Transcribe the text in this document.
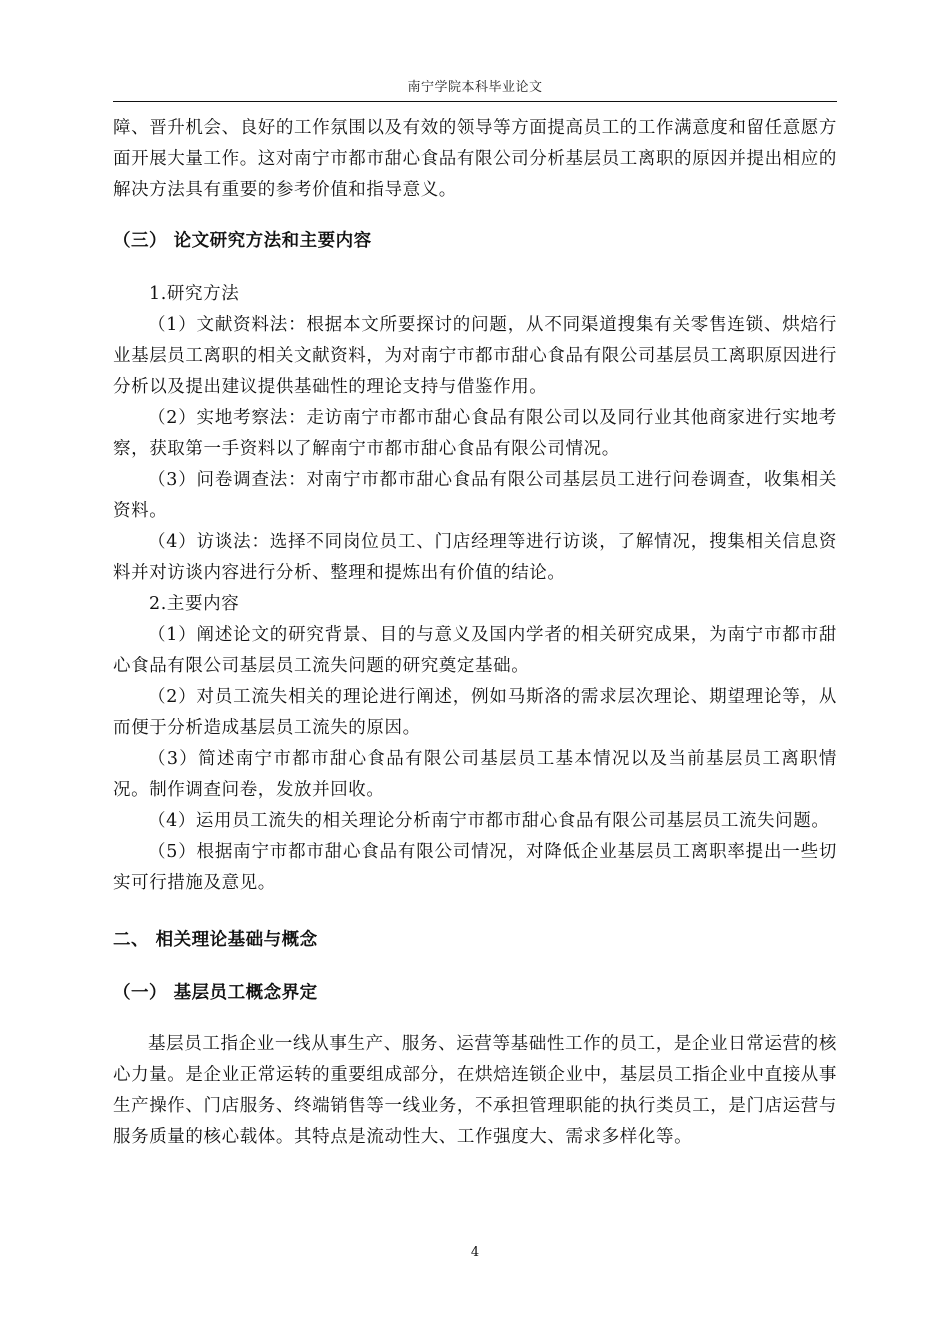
南宁学院本科毕业论文

障、晋升机会、良好的工作氛围以及有效的领导等方面提高员工的工作满意度和留任意愿方面开展大量工作。这对南宁市都市甜心食品有限公司分析基层员工离职的原因并提出相应的解决方法具有重要的参考价值和指导意义。

（三） 论文研究方法和主要内容

1.研究方法

（1）文献资料法：根据本文所要探讨的问题，从不同渠道搜集有关零售连锁、烘焙行业基层员工离职的相关文献资料，为对南宁市都市甜心食品有限公司基层员工离职原因进行分析以及提出建议提供基础性的理论支持与借鉴作用。

（2）实地考察法：走访南宁市都市甜心食品有限公司以及同行业其他商家进行实地考察，获取第一手资料以了解南宁市都市甜心食品有限公司情况。

（3）问卷调查法：对南宁市都市甜心食品有限公司基层员工进行问卷调查，收集相关资料。

（4）访谈法：选择不同岗位员工、门店经理等进行访谈，了解情况，搜集相关信息资料并对访谈内容进行分析、整理和提炼出有价值的结论。

2.主要内容

（1）阐述论文的研究背景、目的与意义及国内学者的相关研究成果，为南宁市都市甜心食品有限公司基层员工流失问题的研究奠定基础。

（2）对员工流失相关的理论进行阐述，例如马斯洛的需求层次理论、期望理论等，从而便于分析造成基层员工流失的原因。

（3）简述南宁市都市甜心食品有限公司基层员工基本情况以及当前基层员工离职情况。制作调查问卷，发放并回收。

（4）运用员工流失的相关理论分析南宁市都市甜心食品有限公司基层员工流失问题。

（5）根据南宁市都市甜心食品有限公司情况，对降低企业基层员工离职率提出一些切实可行措施及意见。

二、 相关理论基础与概念

（一） 基层员工概念界定

基层员工指企业一线从事生产、服务、运营等基础性工作的员工，是企业日常运营的核心力量。是企业正常运转的重要组成部分，在烘焙连锁企业中，基层员工指企业中直接从事生产操作、门店服务、终端销售等一线业务，不承担管理职能的执行类员工，是门店运营与服务质量的核心载体。其特点是流动性大、工作强度大、需求多样化等。

4
